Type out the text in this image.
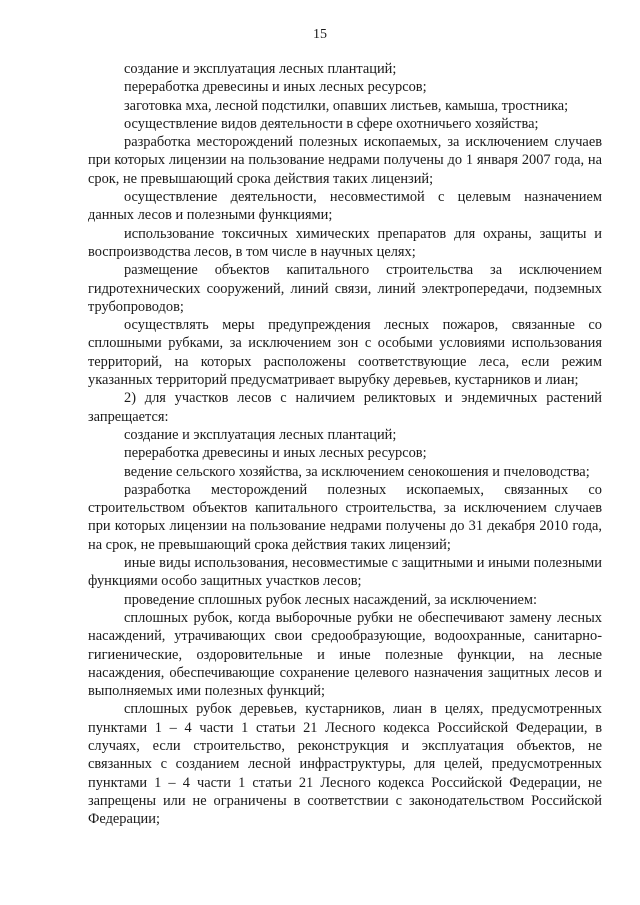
15

создание и эксплуатация лесных плантаций;

переработка древесины и иных лесных ресурсов;

заготовка мха, лесной подстилки, опавших листьев, камыша, тростника;

осуществление видов деятельности в сфере охотничьего хозяйства;

разработка месторождений полезных ископаемых, за исключением случаев при которых лицензии на пользование недрами получены до 1 января 2007 года, на срок, не превышающий срока действия таких лицензий;

осуществление деятельности, несовместимой с целевым назначением данных лесов и полезными функциями;

использование токсичных химических препаратов для охраны, защиты и воспроизводства лесов, в том числе в научных целях;

размещение объектов капитального строительства за исключением гидротехнических сооружений, линий связи, линий электропередачи, подземных трубопроводов;

осуществлять меры предупреждения лесных пожаров, связанные со сплошными рубками, за исключением зон с особыми условиями использования территорий, на которых расположены соответствующие леса, если режим указанных территорий предусматривает вырубку деревьев, кустарников и лиан;

2) для участков лесов с наличием реликтовых и эндемичных растений запрещается:

создание и эксплуатация лесных плантаций;

переработка древесины и иных лесных ресурсов;

ведение сельского хозяйства, за исключением сенокошения и пчеловодства;

разработка месторождений полезных ископаемых, связанных со строительством объектов капитального строительства, за исключением случаев при которых лицензии на пользование недрами получены до 31 декабря 2010 года, на срок, не превышающий срока действия таких лицензий;

иные виды использования, несовместимые с защитными и иными полезными функциями особо защитных участков лесов;

проведение сплошных рубок лесных насаждений, за исключением:

сплошных рубок, когда выборочные рубки не обеспечивают замену лесных насаждений, утрачивающих свои средообразующие, водоохранные, санитарно-гигиенические, оздоровительные и иные полезные функции, на лесные насаждения, обеспечивающие сохранение целевого назначения защитных лесов и выполняемых ими полезных функций;

сплошных рубок деревьев, кустарников, лиан в целях, предусмотренных пунктами 1 – 4 части 1 статьи 21 Лесного кодекса Российской Федерации, в случаях, если строительство, реконструкция и эксплуатация объектов, не связанных с созданием лесной инфраструктуры, для целей, предусмотренных пунктами 1 – 4 части 1 статьи 21 Лесного кодекса Российской Федерации, не запрещены или не ограничены в соответствии с законодательством Российской Федерации;
